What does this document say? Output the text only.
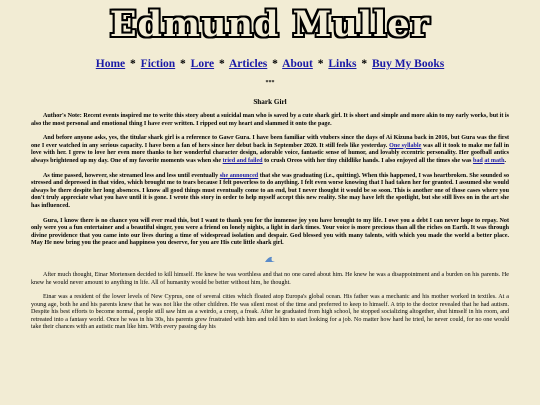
Edmund Muller
Home * Fiction * Lore * Articles * About * Links * Buy My Books
***
Shark Girl

Author's Note: Recent events inspired me to write this story about a suicidal man who is saved by a cute shark girl. It is short and simple and more akin to my early works, but it is also the most personal and emotional thing I have ever written. I ripped out my heart and slammed it onto the page.

And before anyone asks, yes, the titular shark girl is a reference to Gawr Gura. I have been familiar with vtubers since the days of Ai Kizuna back in 2016, but Gura was the first one I ever watched in any serious capacity. I have been a fan of hers since her debut back in September 2020. It still feels like yesterday. One syllable was all it took to make me fall in love with her. I grew to love her even more thanks to her wonderful character design, adorable voice, fantastic sense of humor, and lovably eccentric personality. Her goofball antics always brightened up my day. One of my favorite moments was when she tried and failed to crush Oreos with her tiny childlike hands. I also enjoyed all the times she was bad at math.

As time passed, however, she streamed less and less until eventually she announced that she was graduating (i.e., quitting). When this happened, I was heartbroken. She sounded so stressed and depressed in that video, which brought me to tears because I felt powerless to do anything. I felt even worse knowing that I had taken her for granted. I assumed she would always be there despite her long absences. I know all good things must eventually come to an end, but I never thought it would be so soon. This is another one of those cases where you don't truly appreciate what you have until it is gone. I wrote this story in order to help myself accept this new reality. She may have left the spotlight, but she still lives on in the art she has influenced.

Gura, I know there is no chance you will ever read this, but I want to thank you for the immense joy you have brought to my life. I owe you a debt I can never hope to repay. Not only were you a fun entertainer and a beautiful singer, you were a friend on lonely nights, a light in dark times. Your voice is more precious than all the riches on Earth. It was through divine providence that you came into our lives during a time of widespread isolation and despair. God blessed you with many talents, with which you made the world a better place. May He now bring you the peace and happiness you deserve, for you are His cute little shark girl.

After much thought, Einar Mortensen decided to kill himself. He knew he was worthless and that no one cared about him. He knew he was a disappointment and a burden on his parents. He knew he would never amount to anything in life. All of humanity would be better without him, he thought.

Einar was a resident of the lower levels of New Cyprus, one of several cities which floated atop Europa's global ocean. His father was a mechanic and his mother worked in textiles. At a young age, both he and his parents knew that he was not like the other children. He was silent most of the time and preferred to keep to himself. A trip to the doctor revealed that he had autism. Despite his best efforts to become normal, people still saw him as a weirdo, a creep, a freak. After he graduated from high school, he stopped socializing altogether, shut himself in his room, and retreated into a fantasy world. Once he was in his 30s, his parents grew frustrated with him and told him to start looking for a job. No matter how hard he tried, he never could, for no one would take their chances with an autistic man like him. With every passing day his
